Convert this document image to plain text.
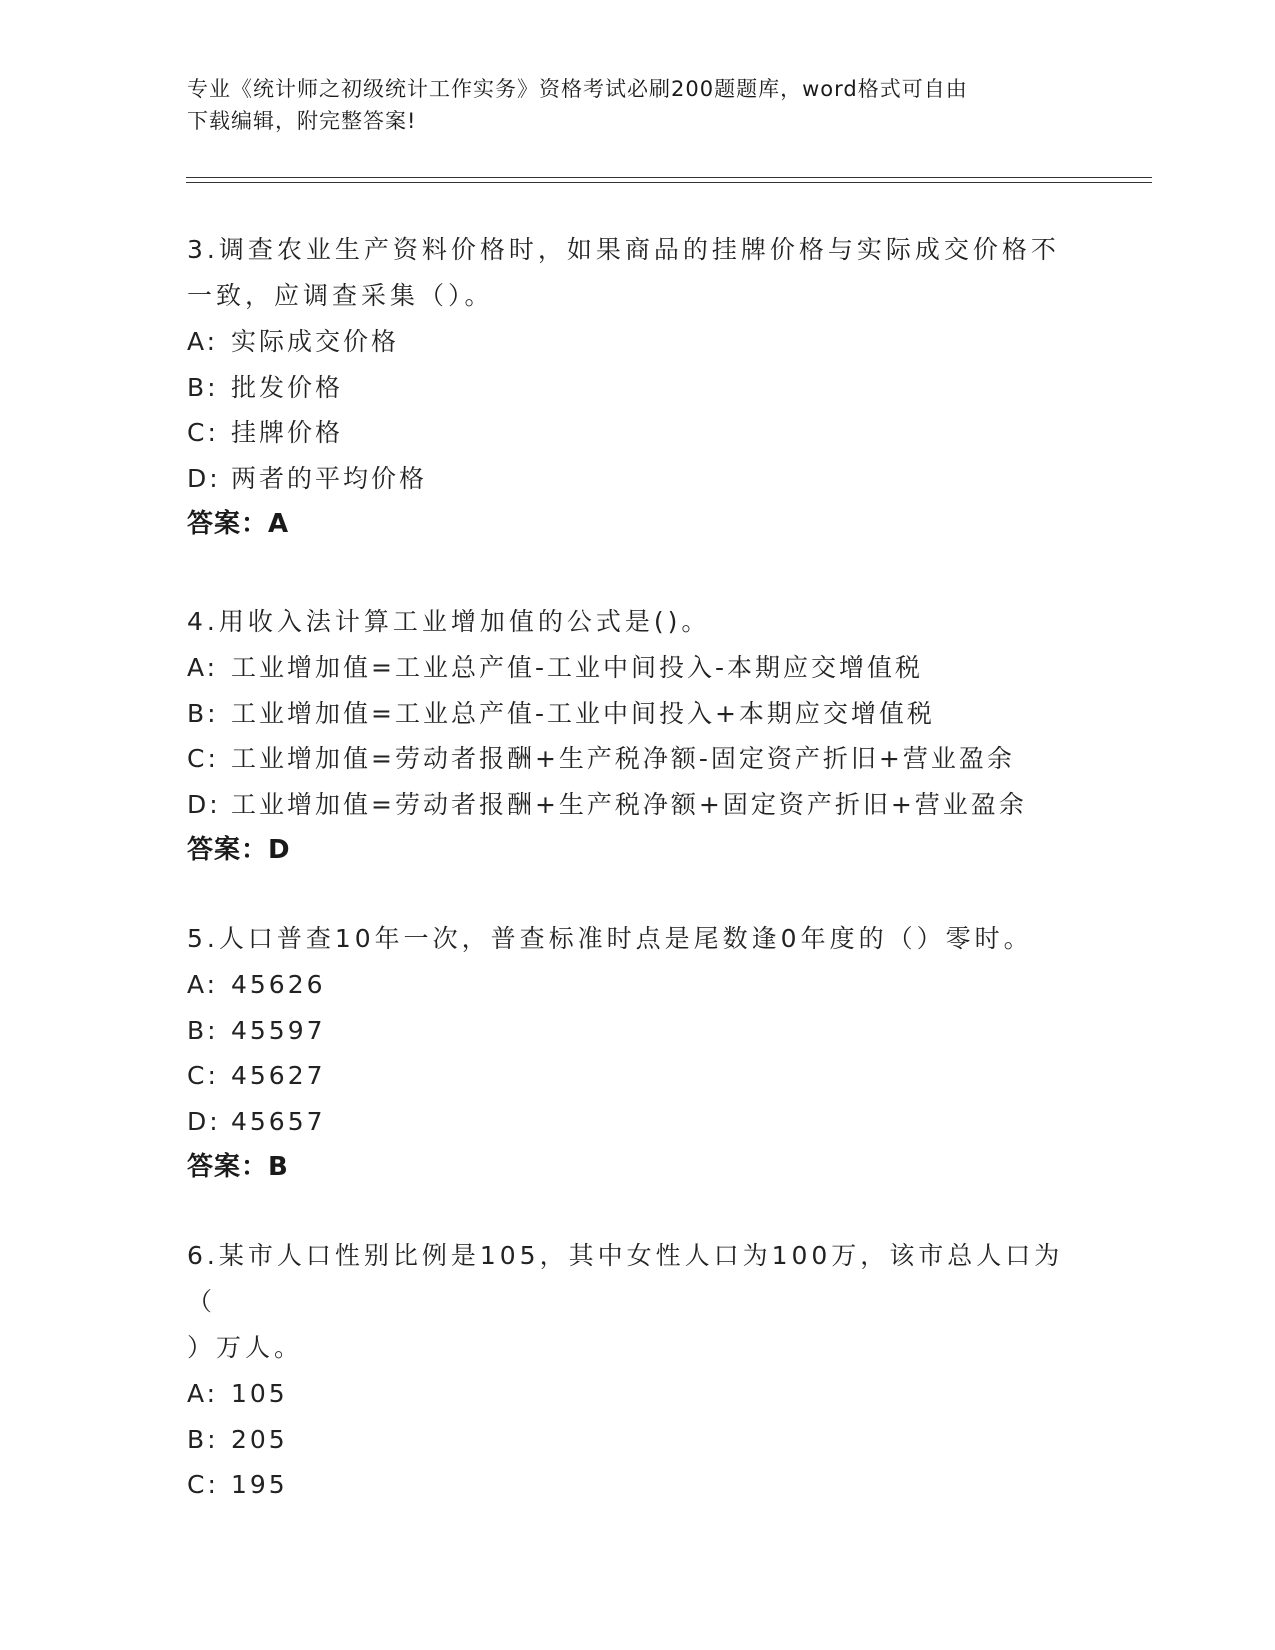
专业《统计师之初级统计工作实务》资格考试必刷200题题库，word格式可自由
下载编辑，附完整答案!
3.调查农业生产资料价格时，如果商品的挂牌价格与实际成交价格不
一致，应调查采集（）。
A: 实际成交价格
B: 批发价格
C: 挂牌价格
D: 两者的平均价格
答案：A
4.用收入法计算工业增加值的公式是()。
A: 工业增加值=工业总产值-工业中间投入-本期应交增值税
B: 工业增加值=工业总产值-工业中间投入+本期应交增值税
C: 工业增加值=劳动者报酬+生产税净额-固定资产折旧+营业盈余
D: 工业增加值=劳动者报酬+生产税净额+固定资产折旧+营业盈余
答案：D
5.人口普查10年一次，普查标准时点是尾数逢0年度的（）零时。
A: 45626
B: 45597
C: 45627
D: 45657
答案：B
6.某市人口性别比例是105，其中女性人口为100万，该市总人口为（
）万人。
A: 105
B: 205
C: 195
